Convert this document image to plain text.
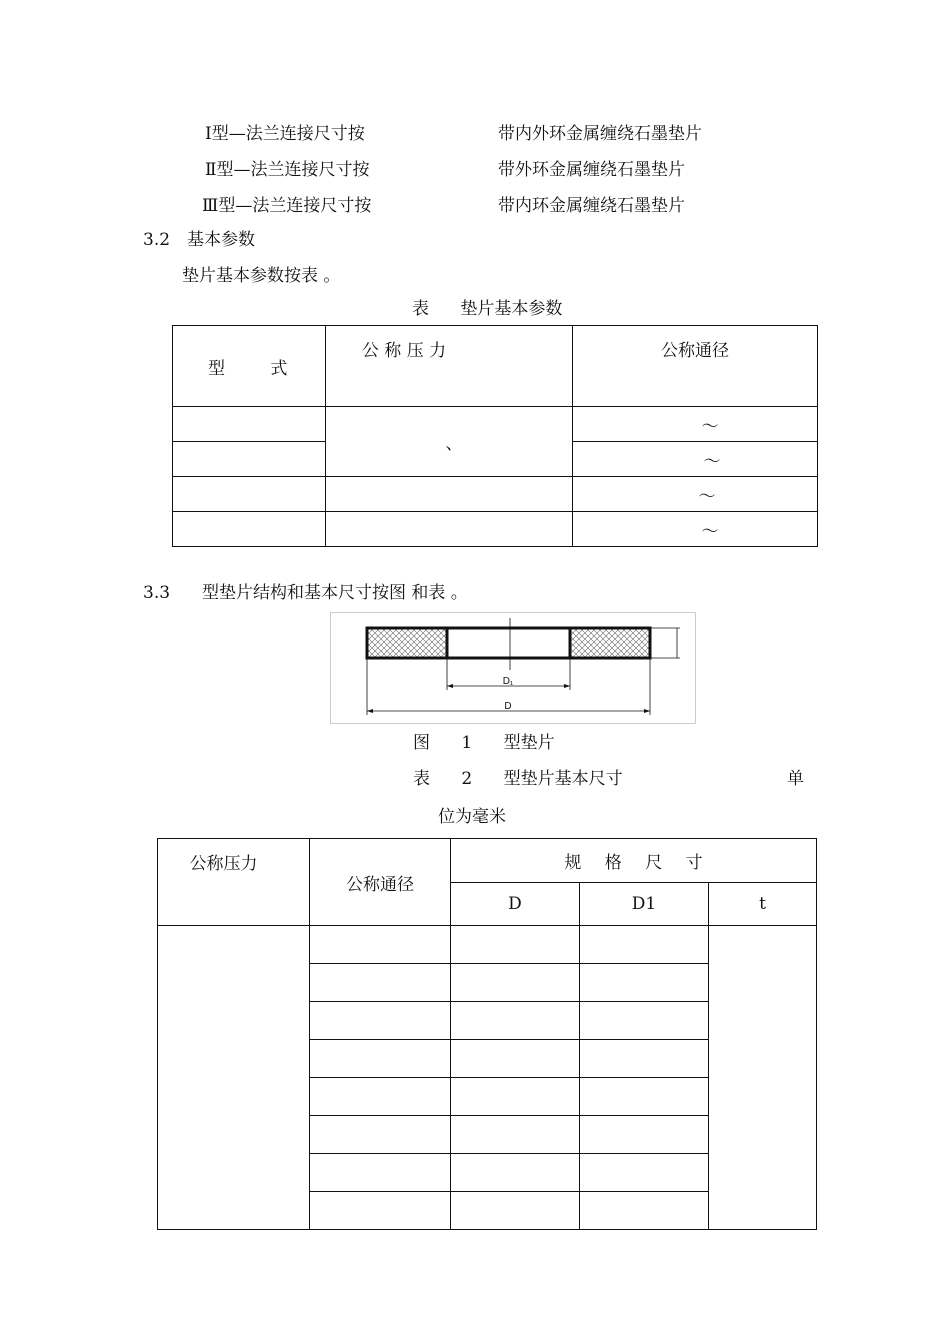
Ⅰ型—法兰连接尺寸按	带内外环金属缠绕石墨垫片
Ⅱ型—法兰连接尺寸按	带外环金属缠绕石墨垫片
Ⅲ型—法兰连接尺寸按	带内环金属缠绕石墨垫片
3.2 基本参数
垫片基本参数按表 。
表 垫片基本参数
型 式	公 称 压 力	公称通径
	、	～
		～
		～
		～
3.3 型垫片结构和基本尺寸按图 和表 。
D₁
D
图 1 型垫片
表 2 型垫片基本尺寸	单
位为毫米
公称压力	公称通径	规 格 尺 寸		
		D	D1	t
